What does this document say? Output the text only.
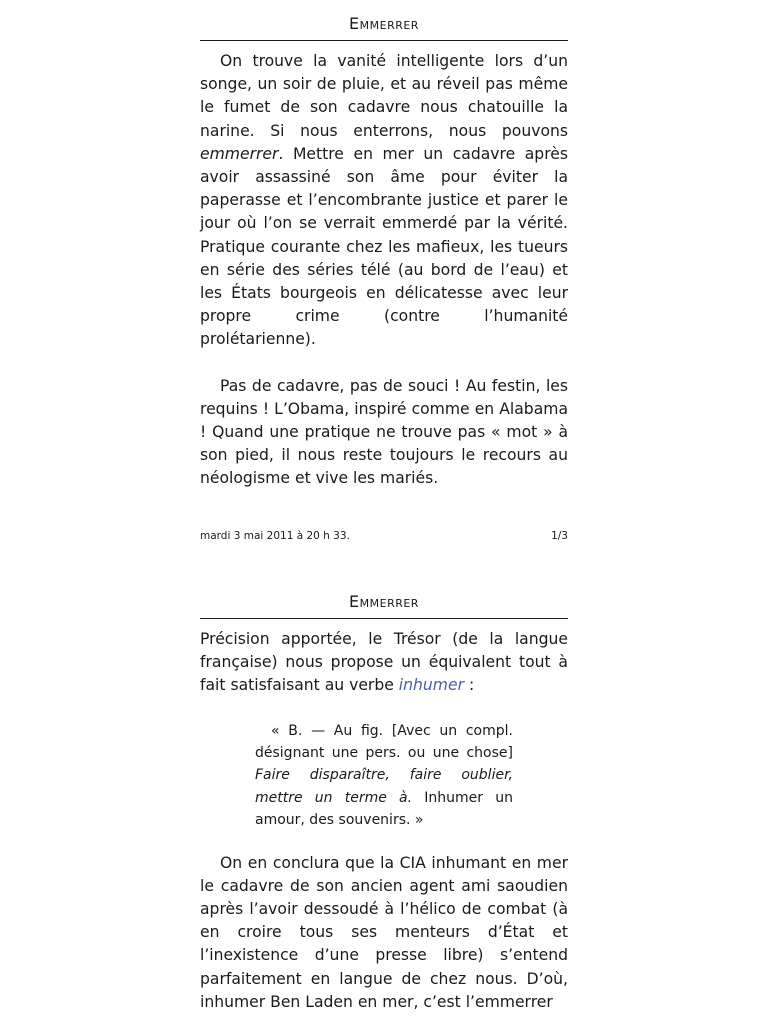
Emmerrer

On trouve la vanité intelligente lors d’un songe, un soir de pluie, et au réveil pas même le fumet de son cadavre nous chatouille la narine. Si nous enterrons, nous pouvons emmerrer. Mettre en mer un cadavre après avoir assassiné son âme pour éviter la paperasse et l’encombrante justice et parer le jour où l’on se verrait emmerdé par la vérité. Pratique courante chez les mafieux, les tueurs en série des séries télé (au bord de l’eau) et les États bourgeois en délicatesse avec leur propre crime (contre l’humanité prolétarienne).

Pas de cadavre, pas de souci ! Au festin, les requins ! L’Obama, inspiré comme en Alabama ! Quand une pratique ne trouve pas « mot » à son pied, il nous reste toujours le recours au néologisme et vive les mariés.

mardi 3 mai 2011 à 20 h 33.	1/3
Emmerrer

Précision apportée, le Trésor (de la langue française) nous propose un équivalent tout à fait satisfaisant au verbe inhumer :

« B. — Au fig. [Avec un compl. désignant une pers. ou une chose] Faire disparaître, faire oublier, mettre un terme à. Inhumer un amour, des souvenirs. »

On en conclura que la CIA inhumant en mer le cadavre de son ancien agent ami saoudien après l’avoir dessoudé à l’hélico de combat (à en croire tous ses menteurs d’État et l’inexistence d’une presse libre) s’entend parfaitement en langue de chez nous. D’où, inhumer Ben Laden en mer, c’est l’emmerrer
